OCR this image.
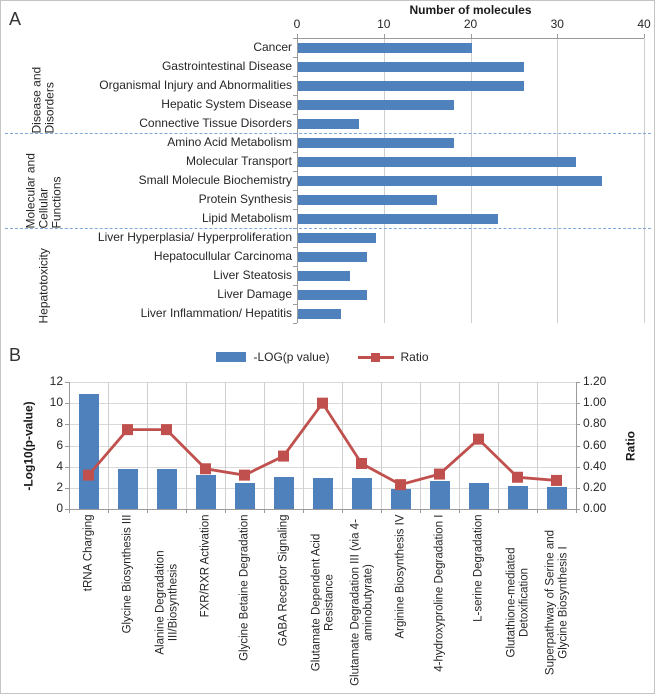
A	Number of molecules
0	10	20	30	40
Cancer
Gastrointestinal Disease
Organismal Injury and Abnormalities
Hepatic System Disease
Connective Tissue Disorders
Amino Acid Metabolism
Molecular Transport
Small Molecule Biochemistry
Protein Synthesis
Lipid Metabolism
Liver Hyperplasia/ Hyperproliferation
Hepatocullular Carcinoma
Liver Steatosis
Liver Damage
Liver Inflammation/ Hepatitis
Disease and Disorders
Molecular and Cellular Functions
Hepatotoxicity
B	-LOG(p value)	Ratio
-Log10(p-value)	Ratio
0
2
4
6
8
10
12
0.00
0.20
0.40
0.60
0.80
1.00
1.20
tRNA Charging Glycine Biosynthesis III Alanine Degradation III/Biosynthesis FXR/RXR Activation Glycine Betaine Degradation GABA Receptor Signaling Glutamate Dependent Acid Resistance Glutamate Degradation III (via 4-aminobutyrate) Arginine Biosynthesis IV 4-hydroxyproline Degradation I L-serine Degradation Glutathione-mediated Detoxification Superpathway of Serine and Glycine Biosynthesis I
